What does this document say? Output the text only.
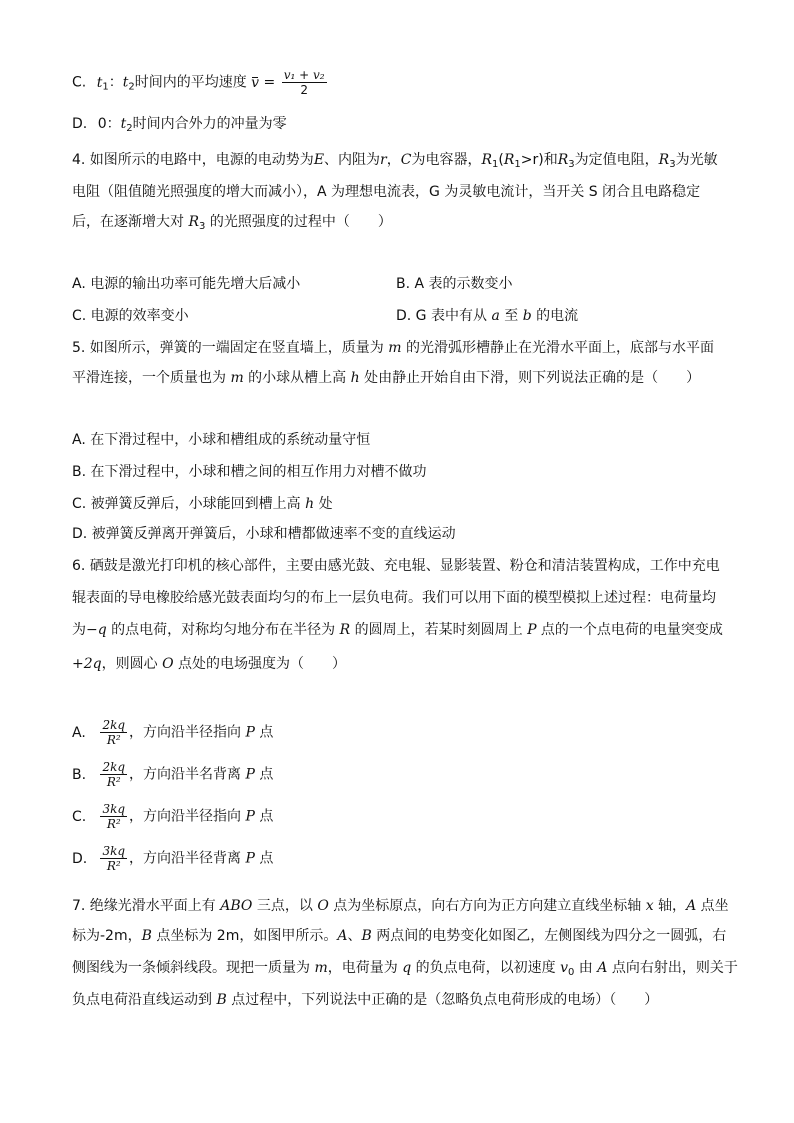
C. $t_1$：$t_2$时间内的平均速度 $v = \frac{\text{v₁ + v₂}}{2}$
D. 0：$t_2$时间内合外力的冲量为零
4. 如图所示的电路中，电源的电动势为E、内阻为r，C为电容器，$R_1(R_1>r)$和$R_3$为定值电阻，$R_3$为光敏
电阻（阻值随光照强度的增大而减小），A 为理想电流表，G 为灵敏电流计，当开关 S 闭合且电路稳定
后，在逐渐增大对 $R_3$ 的光照强度的过程中（　　）
A. 电源的输出功率可能先增大后减小	B. A 表的示数变小
C. 电源的效率变小	D. G 表中有从 a 至 b 的电流
5. 如图所示，弹簧的一端固定在竖直墙上，质量为 m 的光滑弧形槽静止在光滑水平面上，底部与水平面
平滑连接，一个质量也为 m 的小球从槽上高 h 处由静止开始自由下滑，则下列说法正确的是（　　）
A. 在下滑过程中，小球和槽组成的系统动量守恒
B. 在下滑过程中，小球和槽之间的相互作用力对槽不做功
C. 被弹簧反弹后，小球能回到槽上高 h 处
D. 被弹簧反弹离开弹簧后，小球和槽都做速率不变的直线运动
6. 硒鼓是激光打印机的核心部件，主要由感光鼓、充电辊、显影装置、粉仓和清洁装置构成，工作中充电
辊表面的导电橡胶给感光鼓表面均匀的布上一层负电荷。我们可以用下面的模型模拟上述过程：电荷量均
为−q 的点电荷，对称均匀地分布在半径为 R 的圆周上，若某时刻圆周上 P 点的一个点电荷的电量突变成
+2q，则圆心 O 点处的电场强度为（　　）
A. $\frac{2kq}{\text{R²}}$ ，方向沿半径指向 P 点
B. $\frac{2kq}{\text{R²}}$ ，方向沿半名背离 P 点
C. $\frac{3kq}{\text{R²}}$ ，方向沿半径指向 P 点
D. $\frac{3kq}{\text{R²}}$ ，方向沿半径背离 P 点
7. 绝缘光滑水平面上有 ABO 三点，以 O 点为坐标原点，向右方向为正方向建立直线坐标轴 x 轴，A 点坐
标为-2m，B 点坐标为 2m，如图甲所示。A、B 两点间的电势变化如图乙，左侧图线为四分之一圆弧，右
侧图线为一条倾斜线段。现把一质量为 m，电荷量为 q 的负点电荷，以初速度 $v_0$ 由 A 点向右射出，则关于
负点电荷沿直线运动到 B 点过程中，下列说法中正确的是（忽略负点电荷形成的电场）（　　）
